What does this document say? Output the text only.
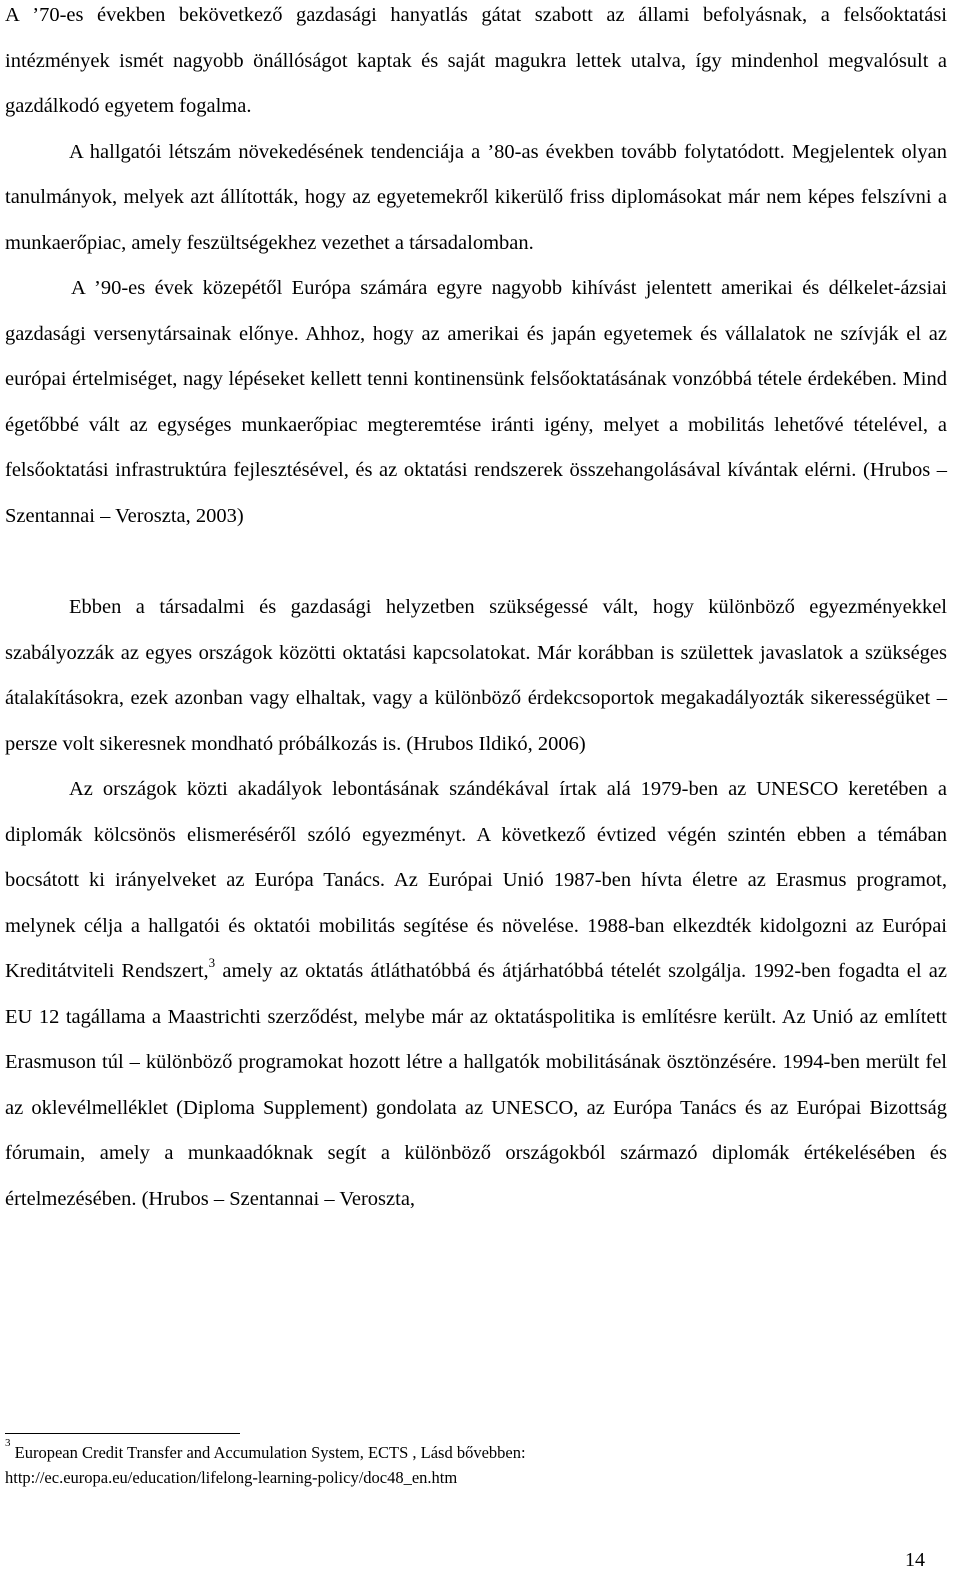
A ’70-es években bekövetkező gazdasági hanyatlás gátat szabott az állami befolyásnak, a felsőoktatási intézmények ismét nagyobb önállóságot kaptak és saját magukra lettek utalva, így mindenhol megvalósult a gazdálkodó egyetem fogalma.

A hallgatói létszám növekedésének tendenciája a ’80-as években tovább folytatódott. Megjelentek olyan tanulmányok, melyek azt állították, hogy az egyetemekről kikerülő friss diplomásokat már nem képes felszívni a munkaerőpiac, amely feszültségekhez vezethet a társadalomban.

A ’90-es évek közepétől Európa számára egyre nagyobb kihívást jelentett amerikai és délkelet-ázsiai gazdasági versenytársainak előnye. Ahhoz, hogy az amerikai és japán egyetemek és vállalatok ne szívják el az európai értelmiséget, nagy lépéseket kellett tenni kontinensünk felsőoktatásának vonzóbbá tétele érdekében. Mind égetőbbé vált az egységes munkaerőpiac megteremtése iránti igény, melyet a mobilitás lehetővé tételével, a felsőoktatási infrastruktúra fejlesztésével, és az oktatási rendszerek összehangolásával kívántak elérni. (Hrubos – Szentannai – Veroszta, 2003)

Ebben a társadalmi és gazdasági helyzetben szükségessé vált, hogy különböző egyezményekkel szabályozzák az egyes országok közötti oktatási kapcsolatokat. Már korábban is születtek javaslatok a szükséges átalakításokra, ezek azonban vagy elhaltak, vagy a különböző érdekcsoportok megakadályozták sikerességüket – persze volt sikeresnek mondható próbálkozás is. (Hrubos Ildikó, 2006)

Az országok közti akadályok lebontásának szándékával írtak alá 1979-ben az UNESCO keretében a diplomák kölcsönös elismeréséről szóló egyezményt. A következő évtized végén szintén ebben a témában bocsátott ki irányelveket az Európa Tanács. Az Európai Unió 1987-ben hívta életre az Erasmus programot, melynek célja a hallgatói és oktatói mobilitás segítése és növelése. 1988-ban elkezdték kidolgozni az Európai Kreditátviteli Rendszert,$^3$ amely az oktatás átláthatóbbá és átjárhatóbbá tételét szolgálja. 1992-ben fogadta el az EU 12 tagállama a Maastrichti szerződést, melybe már az oktatáspolitika is említésre került. Az Unió az említett Erasmuson túl – különböző programokat hozott létre a hallgatók mobilitásának ösztönzésére. 1994-ben merült fel az oklevélmelléklet (Diploma Supplement) gondolata az UNESCO, az Európa Tanács és az Európai Bizottság fórumain, amely a munkaadóknak segít a különböző országokból származó diplomák értékelésében és értelmezésében. (Hrubos – Szentannai – Veroszta,

$^3$ European Credit Transfer and Accumulation System, ECTS , Lásd bővebben:
http://ec.europa.eu/education/lifelong-learning-policy/doc48_en.htm
14
